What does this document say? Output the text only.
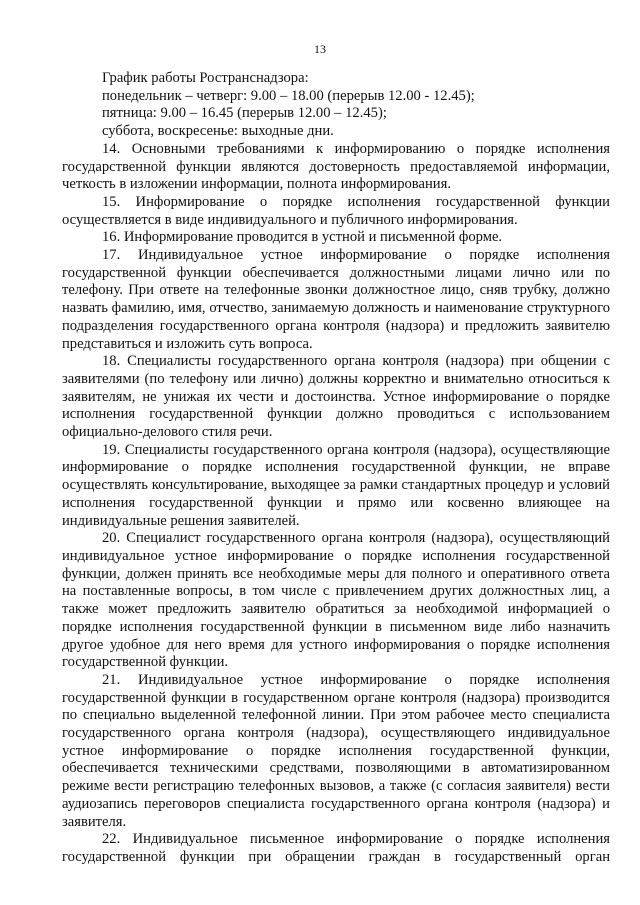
13
График работы Ространснадзора:
понедельник – четверг: 9.00 – 18.00 (перерыв 12.00 - 12.45);
пятница: 9.00 – 16.45 (перерыв 12.00 – 12.45);
суббота, воскресенье: выходные дни.

14. Основными требованиями к информированию о порядке исполнения государственной функции являются достоверность предоставляемой информации, четкость в изложении информации, полнота информирования.

15. Информирование о порядке исполнения государственной функции осуществляется в виде индивидуального и публичного информирования.

16. Информирование проводится в устной и письменной форме.

17. Индивидуальное устное информирование о порядке исполнения государственной функции обеспечивается должностными лицами лично или по телефону. При ответе на телефонные звонки должностное лицо, сняв трубку, должно назвать фамилию, имя, отчество, занимаемую должность и наименование структурного подразделения государственного органа контроля (надзора) и предложить заявителю представиться и изложить суть вопроса.

18. Специалисты государственного органа контроля (надзора) при общении с заявителями (по телефону или лично) должны корректно и внимательно относиться к заявителям, не унижая их чести и достоинства. Устное информирование о порядке исполнения государственной функции должно проводиться с использованием официально-делового стиля речи.

19. Специалисты государственного органа контроля (надзора), осуществляющие информирование о порядке исполнения государственной функции, не вправе осуществлять консультирование, выходящее за рамки стандартных процедур и условий исполнения государственной функции и прямо или косвенно влияющее на индивидуальные решения заявителей.

20. Специалист государственного органа контроля (надзора), осуществляющий индивидуальное устное информирование о порядке исполнения государственной функции, должен принять все необходимые меры для полного и оперативного ответа на поставленные вопросы, в том числе с привлечением других должностных лиц, а также может предложить заявителю обратиться за необходимой информацией о порядке исполнения государственной функции в письменном виде либо назначить другое удобное для него время для устного информирования о порядке исполнения государственной функции.

21. Индивидуальное устное информирование о порядке исполнения государственной функции в государственном органе контроля (надзора) производится по специально выделенной телефонной линии. При этом рабочее место специалиста государственного органа контроля (надзора), осуществляющего индивидуальное устное информирование о порядке исполнения государственной функции, обеспечивается техническими средствами, позволяющими в автоматизированном режиме вести регистрацию телефонных вызовов, а также (с согласия заявителя) вести аудиозапись переговоров специалиста государственного органа контроля (надзора) и заявителя.

22. Индивидуальное письменное информирование о порядке исполнения государственной функции при обращении граждан в государственный орган
